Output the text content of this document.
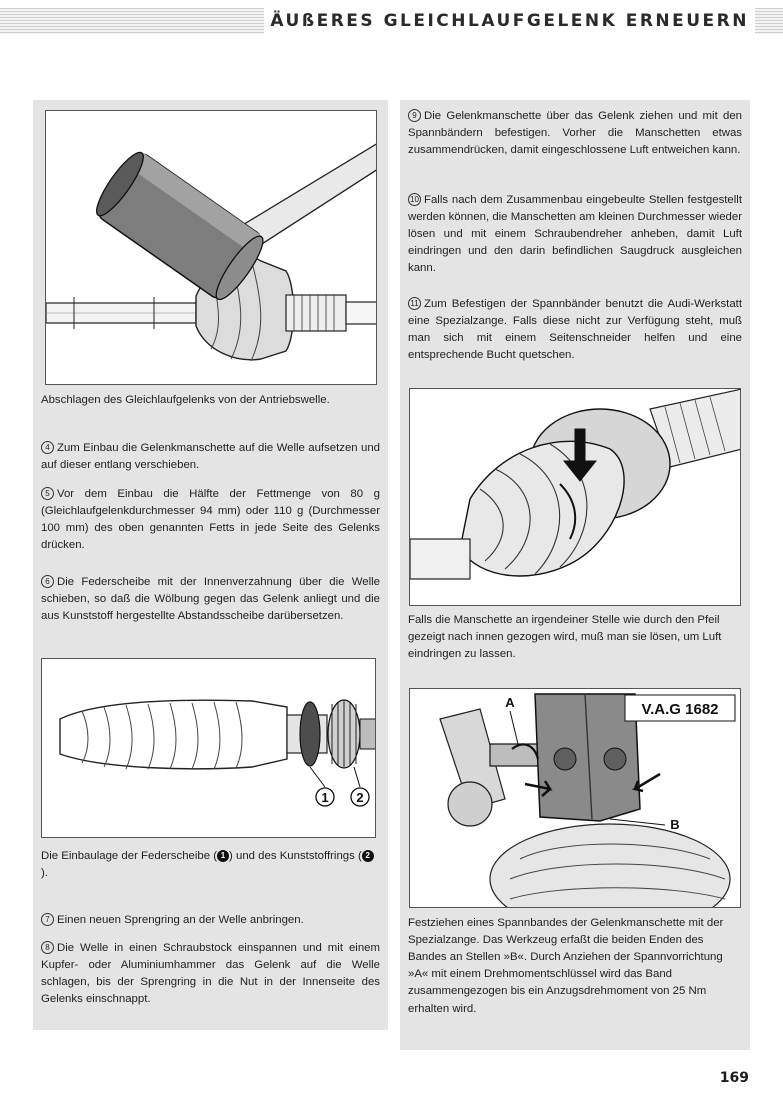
ÄUßERES GLEICHLAUFGELENK ERNEUERN
Abschlagen des Gleichlaufgelenks von der Antriebswelle.
4 Zum Einbau die Gelenkmanschette auf die Welle aufsetzen und auf dieser entlang verschieben.
5 Vor dem Einbau die Hälfte der Fettmenge von 80 g (Gleichlaufgelenkdurchmesser 94 mm) oder 110 g (Durchmesser 100 mm) des oben genannten Fetts in jede Seite des Gelenks drücken.
6 Die Federscheibe mit der Innenverzahnung über die Welle schieben, so daß die Wölbung gegen das Gelenk anliegt und die aus Kunststoff hergestellte Abstandsscheibe darübersetzen.
1 2
Die Einbaulage der Federscheibe ( 1 ) und des Kunststoffrings ( 2).
7 Einen neuen Sprengring an der Welle anbringen.
8 Die Welle in einen Schraubstock einspannen und mit einem Kupfer- oder Aluminiumhammer das Gelenk auf die Welle schlagen, bis der Sprengring in die Nut in der Innenseite des Gelenks einschnappt.
9 Die Gelenkmanschette über das Gelenk ziehen und mit den Spannbändern befestigen. Vorher die Manschetten etwas zusammendrücken, damit eingeschlossene Luft entweichen kann.
10 Falls nach dem Zusammenbau eingebeulte Stellen festgestellt werden können, die Manschetten am kleinen Durchmesser wieder lösen und mit einem Schraubendreher anheben, damit Luft eindringen und den darin befindlichen Saugdruck ausgleichen kann.
11 Zum Befestigen der Spannbänder benutzt die Audi-Werkstatt eine Spezialzange. Falls diese nicht zur Verfügung steht, muß man sich mit einem Seitenschneider helfen und eine entsprechende Bucht quetschen.
Falls die Manschette an irgendeiner Stelle wie durch den Pfeil gezeigt nach innen gezogen wird, muß man sie lösen, um Luft eindringen zu lassen.
V.A.G 1682
A
B
Festziehen eines Spannbandes der Gelenkmanschette mit der Spezialzange. Das Werkzeug erfaßt die beiden Enden des Bandes an Stellen »B«. Durch Anziehen der Spannvorrichtung »A« mit einem Drehmomentschlüssel wird das Band zusammengezogen bis ein Anzugsdrehmoment von 25 Nm erhalten wird.
169
